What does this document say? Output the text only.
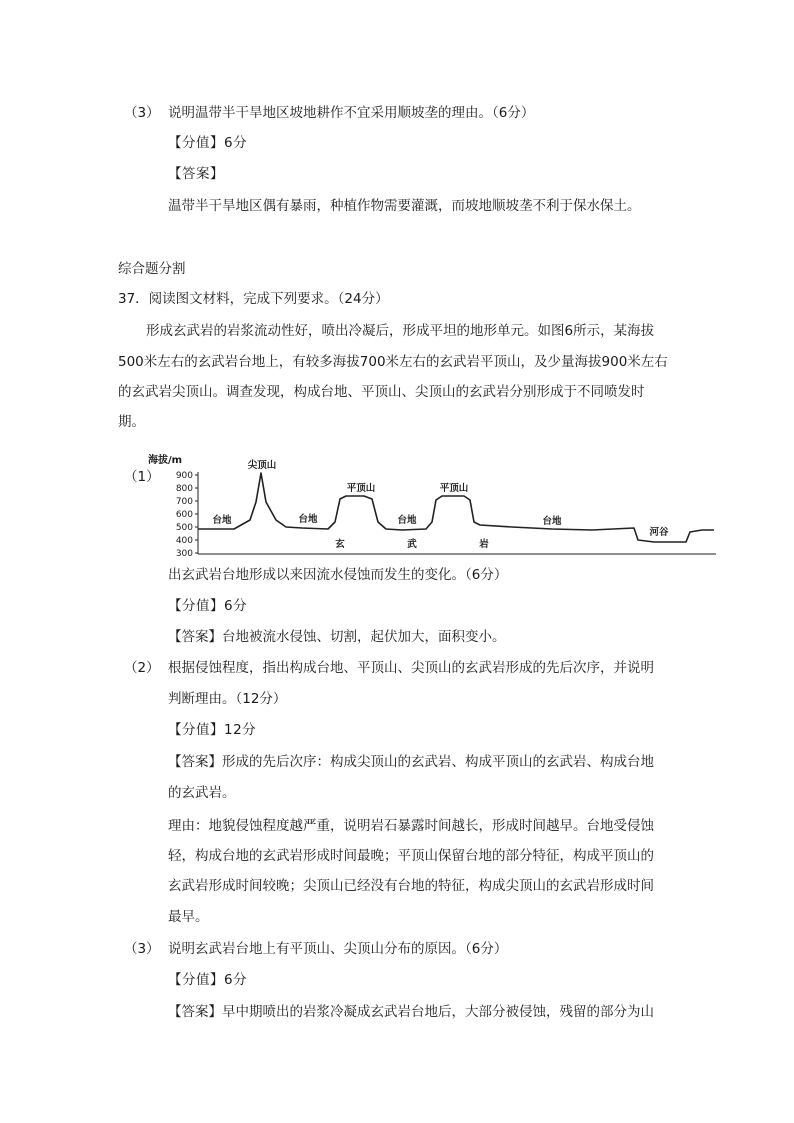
（3） 说明温带半干旱地区坡地耕作不宜采用顺坡垄的理由。（6分）
【分值】6分
【答案】
温带半干旱地区偶有暴雨，种植作物需要灌溉，而坡地顺坡垄不利于保水保土。
综合题分割
37．阅读图文材料，完成下列要求。（24分）
形成玄武岩的岩浆流动性好，喷出冷凝后，形成平坦的地形单元。如图6所示，某海拔
500米左右的玄武岩台地上，有较多海拔700米左右的玄武岩平顶山，及少量海拔900米左右
的玄武岩尖顶山。调查发现，构成台地、平顶山、尖顶山的玄武岩分别形成于不同喷发时
期。
（1）
海拔/m
900
800
700
600
500
400
300
尖顶山
平顶山	平顶山
台地	台地	台地	台地
河谷
玄	武	岩
出玄武岩台地形成以来因流水侵蚀而发生的变化。（6分）
【分值】6分
【答案】台地被流水侵蚀、切割，起伏加大，面积变小。
（2） 根据侵蚀程度，指出构成台地、平顶山、尖顶山的玄武岩形成的先后次序，并说明
判断理由。（12分）
【分值】12分
【答案】形成的先后次序：构成尖顶山的玄武岩、构成平顶山的玄武岩、构成台地
的玄武岩。
理由：地貌侵蚀程度越严重，说明岩石暴露时间越长，形成时间越早。台地受侵蚀
轻，构成台地的玄武岩形成时间最晚；平顶山保留台地的部分特征，构成平顶山的
玄武岩形成时间较晚；尖顶山已经没有台地的特征，构成尖顶山的玄武岩形成时间
最早。
（3） 说明玄武岩台地上有平顶山、尖顶山分布的原因。（6分）
【分值】6分
【答案】早中期喷出的岩浆冷凝成玄武岩台地后，大部分被侵蚀，残留的部分为山
